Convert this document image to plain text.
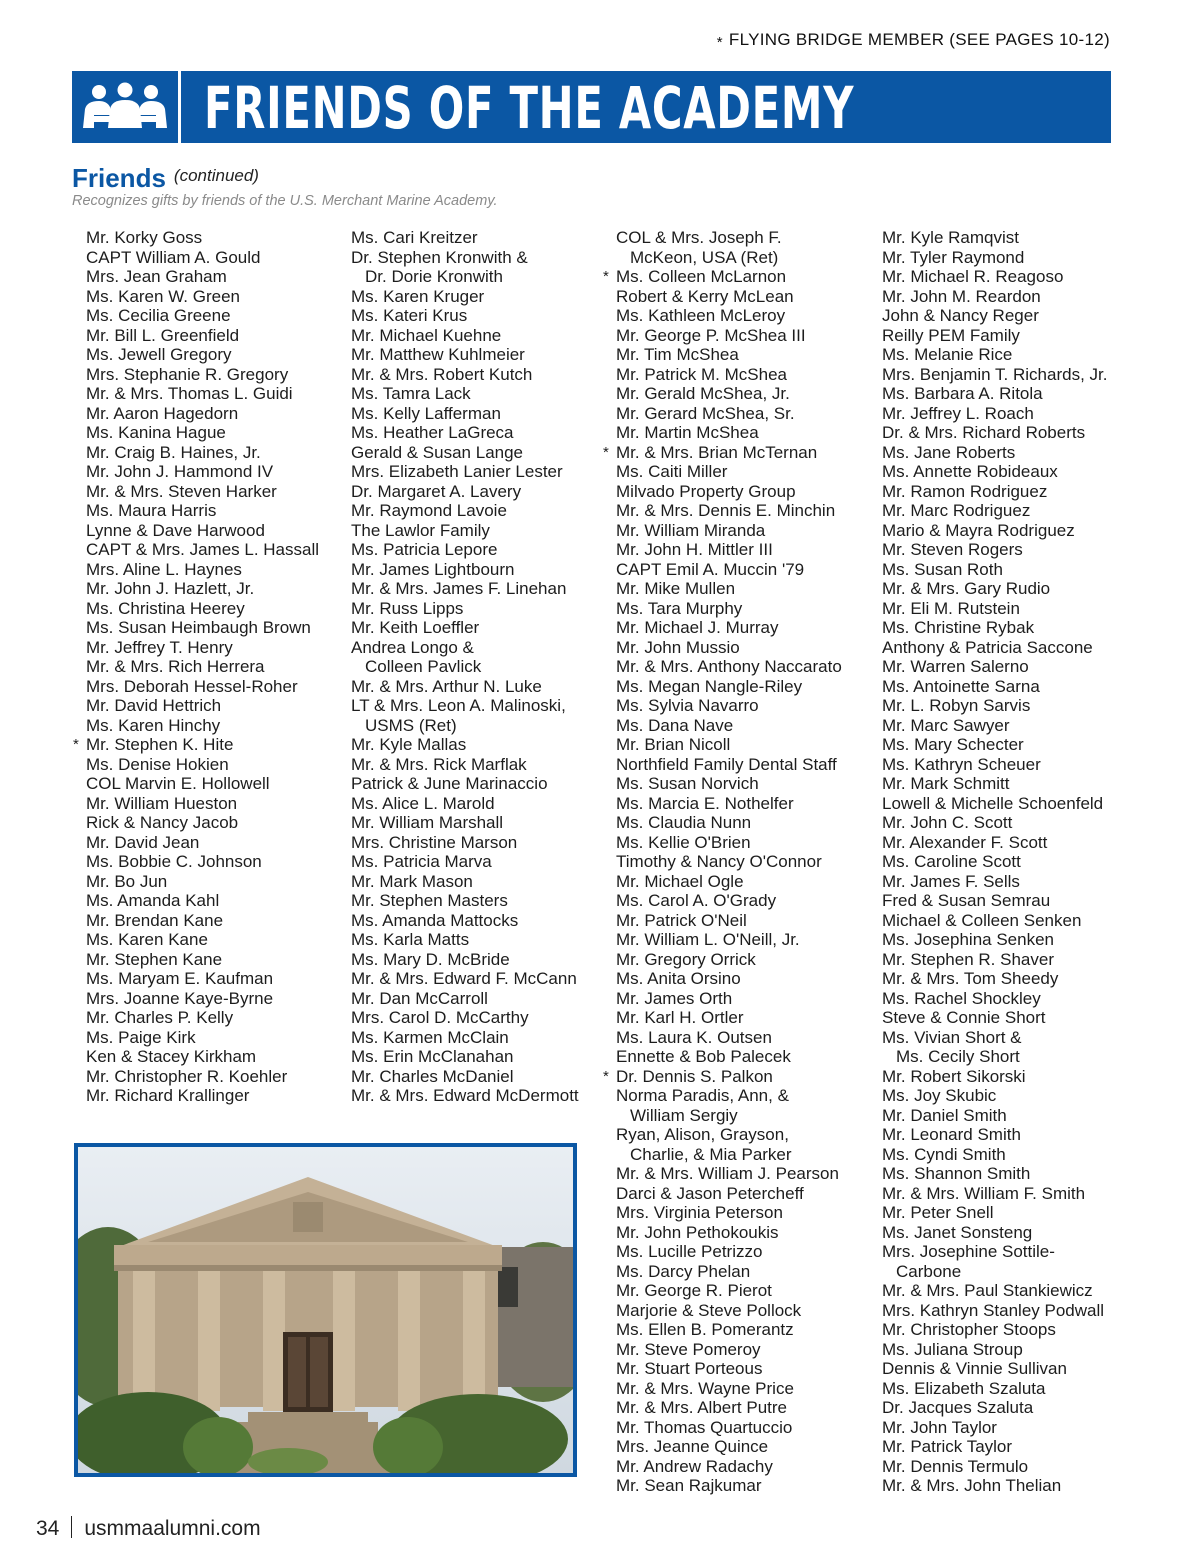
* FLYING BRIDGE MEMBER (SEE PAGES 10-12)
FRIENDS OF THE ACADEMY
Friends (continued)
Recognizes gifts by friends of the U.S. Merchant Marine Academy.
Mr. Korky Goss
CAPT William A. Gould
Mrs. Jean Graham
Ms. Karen W. Green
Ms. Cecilia Greene
Mr. Bill L. Greenfield
Ms. Jewell Gregory
Mrs. Stephanie R. Gregory
Mr. & Mrs. Thomas L. Guidi
Mr. Aaron Hagedorn
Ms. Kanina Hague
Mr. Craig B. Haines, Jr.
Mr. John J. Hammond IV
Mr. & Mrs. Steven Harker
Ms. Maura Harris
Lynne & Dave Harwood
CAPT & Mrs. James L. Hassall
Mrs. Aline L. Haynes
Mr. John J. Hazlett, Jr.
Ms. Christina Heerey
Ms. Susan Heimbaugh Brown
Mr. Jeffrey T. Henry
Mr. & Mrs. Rich Herrera
Mrs. Deborah Hessel-Roher
Mr. David Hettrich
Ms. Karen Hinchy
* Mr. Stephen K. Hite
Ms. Denise Hokien
COL Marvin E. Hollowell
Mr. William Hueston
Rick & Nancy Jacob
Mr. David Jean
Ms. Bobbie C. Johnson
Mr. Bo Jun
Ms. Amanda Kahl
Mr. Brendan Kane
Ms. Karen Kane
Mr. Stephen Kane
Ms. Maryam E. Kaufman
Mrs. Joanne Kaye-Byrne
Mr. Charles P. Kelly
Ms. Paige Kirk
Ken & Stacey Kirkham
Mr. Christopher R. Koehler
Mr. Richard Krallinger
Ms. Cari Kreitzer
Dr. Stephen Kronwith &
Dr. Dorie Kronwith
Ms. Karen Kruger
Ms. Kateri Krus
Mr. Michael Kuehne
Mr. Matthew Kuhlmeier
Mr. & Mrs. Robert Kutch
Ms. Tamra Lack
Ms. Kelly Lafferman
Ms. Heather LaGreca
Gerald & Susan Lange
Mrs. Elizabeth Lanier Lester
Dr. Margaret A. Lavery
Mr. Raymond Lavoie
The Lawlor Family
Ms. Patricia Lepore
Mr. James Lightbourn
Mr. & Mrs. James F. Linehan
Mr. Russ Lipps
Mr. Keith Loeffler
Andrea Longo &
Colleen Pavlick
Mr. & Mrs. Arthur N. Luke
LT & Mrs. Leon A. Malinoski,
USMS (Ret)
Mr. Kyle Mallas
Mr. & Mrs. Rick Marflak
Patrick & June Marinaccio
Ms. Alice L. Marold
Mr. William Marshall
Mrs. Christine Marson
Ms. Patricia Marva
Mr. Mark Mason
Mr. Stephen Masters
Ms. Amanda Mattocks
Ms. Karla Matts
Ms. Mary D. McBride
Mr. & Mrs. Edward F. McCann
Mr. Dan McCarroll
Mrs. Carol D. McCarthy
Ms. Karmen McClain
Ms. Erin McClanahan
Mr. Charles McDaniel
Mr. & Mrs. Edward McDermott
COL & Mrs. Joseph F.
McKeon, USA (Ret)
* Ms. Colleen McLarnon
Robert & Kerry McLean
Ms. Kathleen McLeroy
Mr. George P. McShea III
Mr. Tim McShea
Mr. Patrick M. McShea
Mr. Gerald McShea, Jr.
Mr. Gerard McShea, Sr.
Mr. Martin McShea
* Mr. & Mrs. Brian McTernan
Ms. Caiti Miller
Milvado Property Group
Mr. & Mrs. Dennis E. Minchin
Mr. William Miranda
Mr. John H. Mittler III
CAPT Emil A. Muccin '79
Mr. Mike Mullen
Ms. Tara Murphy
Mr. Michael J. Murray
Mr. John Mussio
Mr. & Mrs. Anthony Naccarato
Ms. Megan Nangle-Riley
Ms. Sylvia Navarro
Ms. Dana Nave
Mr. Brian Nicoll
Northfield Family Dental Staff
Ms. Susan Norvich
Ms. Marcia E. Nothelfer
Ms. Claudia Nunn
Ms. Kellie O'Brien
Timothy & Nancy O'Connor
Mr. Michael Ogle
Ms. Carol A. O'Grady
Mr. Patrick O'Neil
Mr. William L. O'Neill, Jr.
Mr. Gregory Orrick
Ms. Anita Orsino
Mr. James Orth
Mr. Karl H. Ortler
Ms. Laura K. Outsen
Ennette & Bob Palecek
* Dr. Dennis S. Palkon
Norma Paradis, Ann, &
William Sergiy
Ryan, Alison, Grayson,
Charlie, & Mia Parker
Mr. & Mrs. William J. Pearson
Darci & Jason Petercheff
Mrs. Virginia Peterson
Mr. John Pethokoukis
Ms. Lucille Petrizzo
Ms. Darcy Phelan
Mr. George R. Pierot
Marjorie & Steve Pollock
Ms. Ellen B. Pomerantz
Mr. Steve Pomeroy
Mr. Stuart Porteous
Mr. & Mrs. Wayne Price
Mr. & Mrs. Albert Putre
Mr. Thomas Quartuccio
Mrs. Jeanne Quince
Mr. Andrew Radachy
Mr. Sean Rajkumar
Mr. Kyle Ramqvist
Mr. Tyler Raymond
Mr. Michael R. Reagoso
Mr. John M. Reardon
John & Nancy Reger
Reilly PEM Family
Ms. Melanie Rice
Mrs. Benjamin T. Richards, Jr.
Ms. Barbara A. Ritola
Mr. Jeffrey L. Roach
Dr. & Mrs. Richard Roberts
Ms. Jane Roberts
Ms. Annette Robideaux
Mr. Ramon Rodriguez
Mr. Marc Rodriguez
Mario & Mayra Rodriguez
Mr. Steven Rogers
Ms. Susan Roth
Mr. & Mrs. Gary Rudio
Mr. Eli M. Rutstein
Ms. Christine Rybak
Anthony & Patricia Saccone
Mr. Warren Salerno
Ms. Antoinette Sarna
Mr. L. Robyn Sarvis
Mr. Marc Sawyer
Ms. Mary Schecter
Ms. Kathryn Scheuer
Mr. Mark Schmitt
Lowell & Michelle Schoenfeld
Mr. John C. Scott
Mr. Alexander F. Scott
Ms. Caroline Scott
Mr. James F. Sells
Fred & Susan Semrau
Michael & Colleen Senken
Ms. Josephina Senken
Mr. Stephen R. Shaver
Mr. & Mrs. Tom Sheedy
Ms. Rachel Shockley
Steve & Connie Short
Ms. Vivian Short &
Ms. Cecily Short
Mr. Robert Sikorski
Ms. Joy Skubic
Mr. Daniel Smith
Mr. Leonard Smith
Ms. Cyndi Smith
Ms. Shannon Smith
Mr. & Mrs. William F. Smith
Mr. Peter Snell
Ms. Janet Sonsteng
Mrs. Josephine Sottile-
Carbone
Mr. & Mrs. Paul Stankiewicz
Mrs. Kathryn Stanley Podwall
Mr. Christopher Stoops
Ms. Juliana Stroup
Dennis & Vinnie Sullivan
Ms. Elizabeth Szaluta
Dr. Jacques Szaluta
Mr. John Taylor
Mr. Patrick Taylor
Mr. Dennis Termulo
Mr. & Mrs. John Thelian
34 usmmaalumni.com
